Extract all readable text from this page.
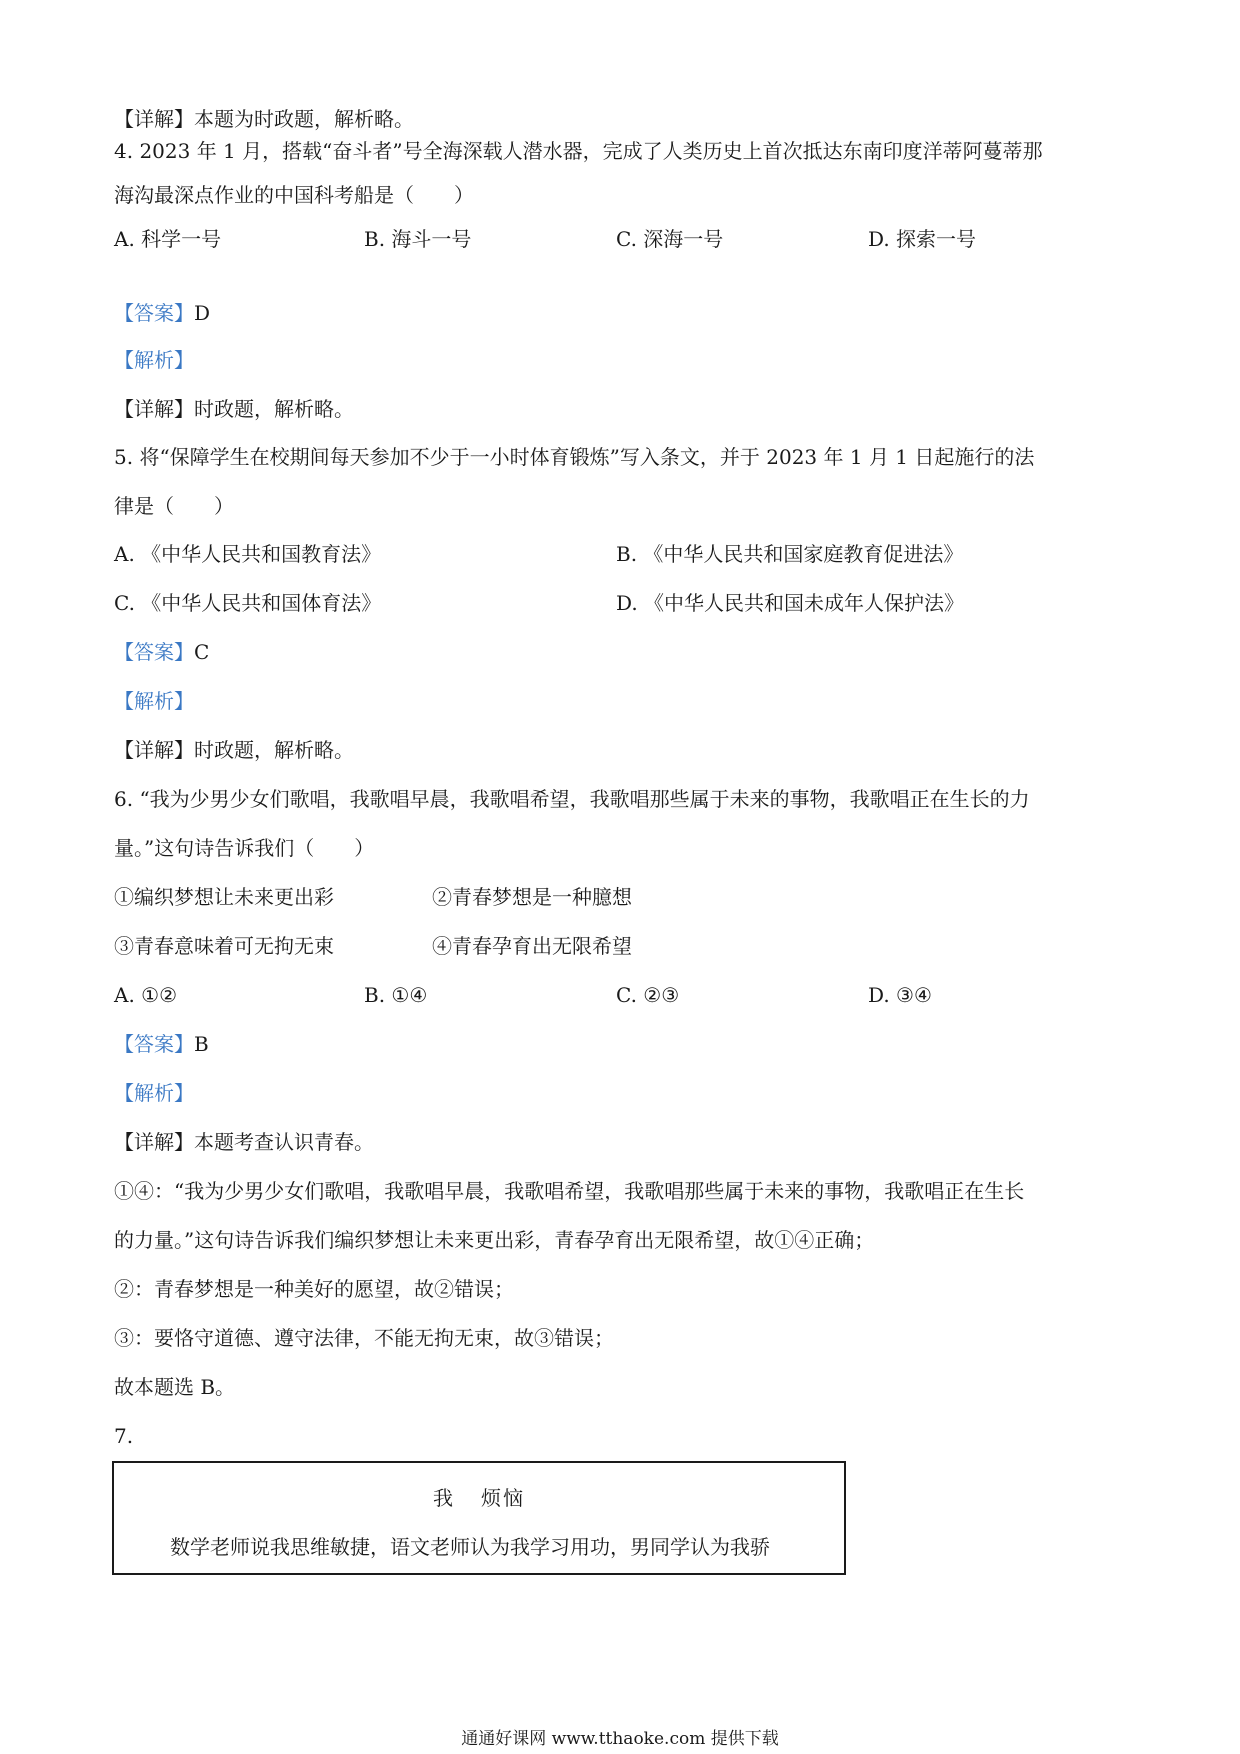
【详解】本题为时政题，解析略。
4. 2023 年 1 月，搭载“奋斗者”号全海深载人潜水器，完成了人类历史上首次抵达东南印度洋蒂阿蔓蒂那
海沟最深点作业的中国科考船是（　　）
A. 科学一号	B. 海斗一号	C. 深海一号	D. 探索一号
【答案】D
【解析】
【详解】时政题，解析略。
5. 将“保障学生在校期间每天参加不少于一小时体育锻炼”写入条文，并于 2023 年 1 月 1 日起施行的法
律是（　　）
A. 《中华人民共和国教育法》	B. 《中华人民共和国家庭教育促进法》
C. 《中华人民共和国体育法》	D. 《中华人民共和国未成年人保护法》
【答案】C
【解析】
【详解】时政题，解析略。
6. “我为少男少女们歌唱，我歌唱早晨，我歌唱希望，我歌唱那些属于未来的事物，我歌唱正在生长的力
量。”这句诗告诉我们（　　）
①编织梦想让未来更出彩	②青春梦想是一种臆想
③青春意味着可无拘无束	④青春孕育出无限希望
A. ①②	B. ①④	C. ②③	D. ③④
【答案】B
【解析】
【详解】本题考查认识青春。
①④：“我为少男少女们歌唱，我歌唱早晨，我歌唱希望，我歌唱那些属于未来的事物，我歌唱正在生长
的力量。”这句诗告诉我们编织梦想让未来更出彩，青春孕育出无限希望，故①④正确；
②：青春梦想是一种美好的愿望，故②错误；
③：要恪守道德、遵守法律，不能无拘无束，故③错误；
故本题选 B。
7.
我 烦恼
数学老师说我思维敏捷，语文老师认为我学习用功，男同学认为我骄
通通好课网 www.tthaoke.com 提供下载
